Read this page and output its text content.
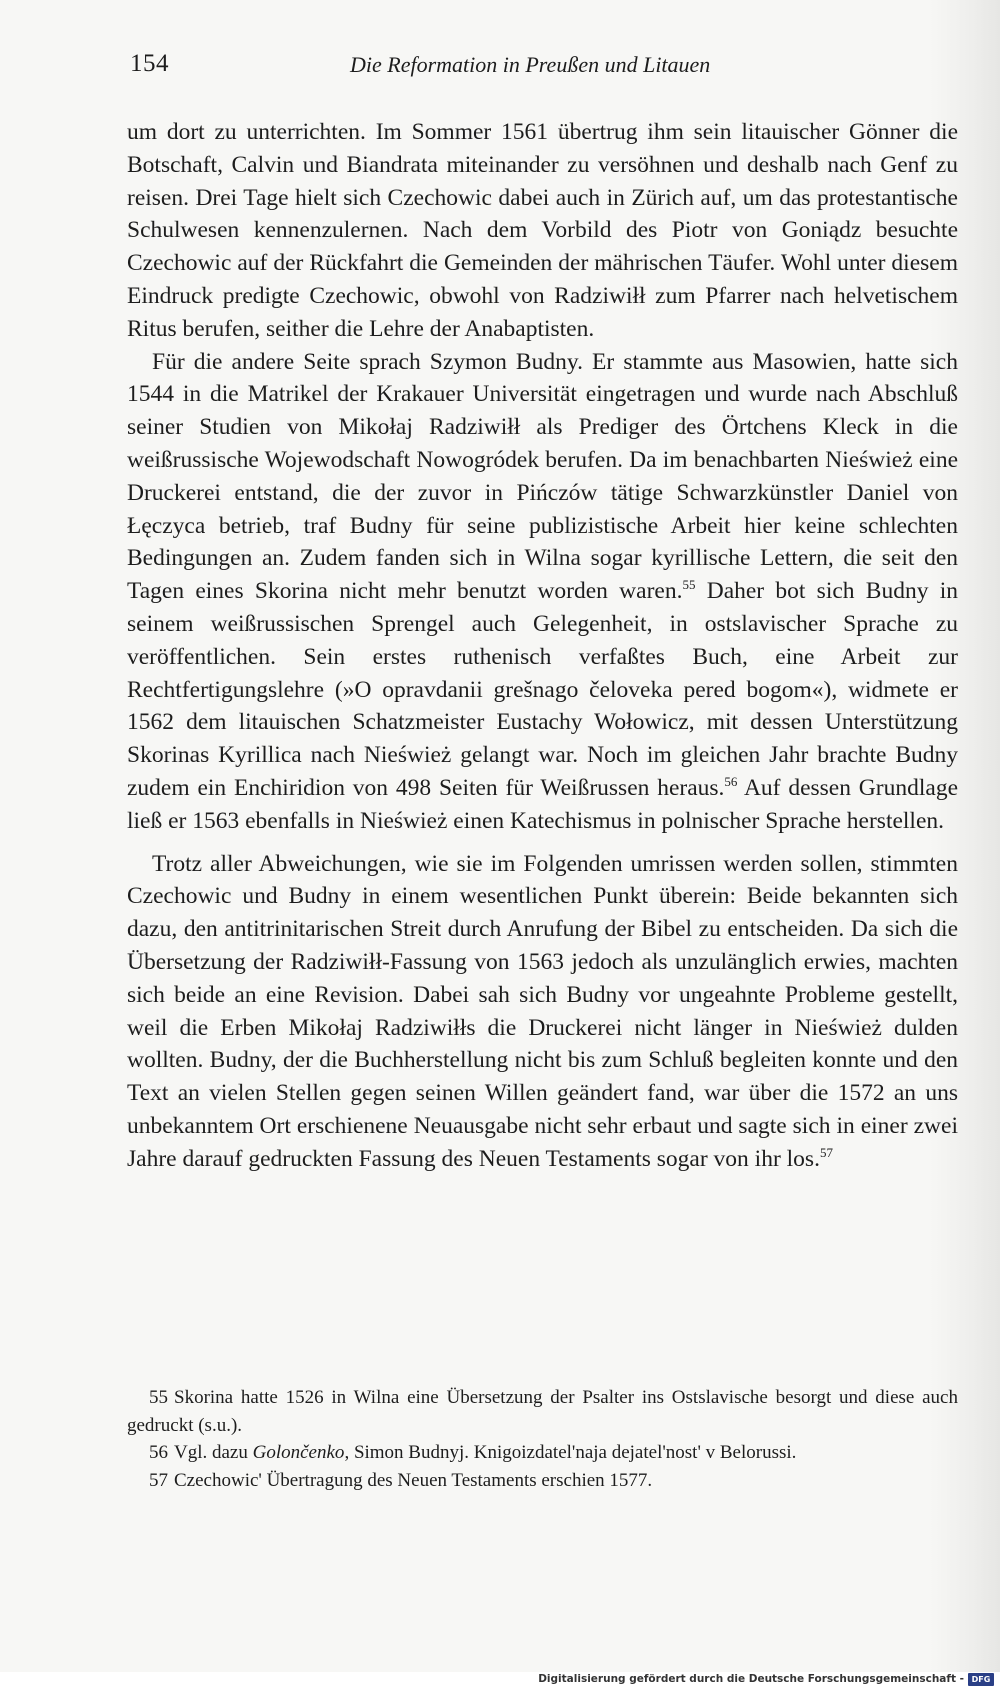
154	Die Reformation in Preußen und Litauen

um dort zu unterrichten. Im Sommer 1561 übertrug ihm sein litauischer Gönner die Botschaft, Calvin und Biandrata miteinander zu versöhnen und deshalb nach Genf zu reisen. Drei Tage hielt sich Czechowic dabei auch in Zürich auf, um das protestantische Schulwesen kennenzulernen. Nach dem Vorbild des Piotr von Goniądz besuchte Czechowic auf der Rückfahrt die Gemeinden der mährischen Täufer. Wohl unter diesem Eindruck predigte Czechowic, obwohl von Radziwiłł zum Pfarrer nach helvetischem Ritus berufen, seither die Lehre der Anabaptisten.

Für die andere Seite sprach Szymon Budny. Er stammte aus Masowien, hatte sich 1544 in die Matrikel der Krakauer Universität eingetragen und wurde nach Abschluß seiner Studien von Mikołaj Radziwiłł als Prediger des Örtchens Kleck in die weißrussische Wojewodschaft Nowogródek berufen. Da im benachbarten Nieśwież eine Druckerei entstand, die der zuvor in Pińczów tätige Schwarzkünstler Daniel von Łęczyca betrieb, traf Budny für seine publizistische Arbeit hier keine schlechten Bedingungen an. Zudem fanden sich in Wilna sogar kyrillische Lettern, die seit den Tagen eines Skorina nicht mehr benutzt worden waren.$^{55}$ Daher bot sich Budny in seinem weißrussischen Sprengel auch Gelegenheit, in ostslavischer Sprache zu veröffentlichen. Sein erstes ruthenisch verfaßtes Buch, eine Arbeit zur Rechtfertigungslehre (»O opravdanii grešnago čeloveka pered bogom«), widmete er 1562 dem litauischen Schatzmeister Eustachy Wołowicz, mit dessen Unterstützung Skorinas Kyrillica nach Nieśwież gelangt war. Noch im gleichen Jahr brachte Budny zudem ein Enchiridion von 498 Seiten für Weißrussen heraus.$^{56}$ Auf dessen Grundlage ließ er 1563 ebenfalls in Nieśwież einen Katechismus in polnischer Sprache herstellen.

Trotz aller Abweichungen, wie sie im Folgenden umrissen werden sollen, stimmten Czechowic und Budny in einem wesentlichen Punkt überein: Beide bekannten sich dazu, den antitrinitarischen Streit durch Anrufung der Bibel zu entscheiden. Da sich die Übersetzung der Radziwiłł-Fassung von 1563 jedoch als unzulänglich erwies, machten sich beide an eine Revision. Dabei sah sich Budny vor ungeahnte Probleme gestellt, weil die Erben Mikołaj Radziwiłłs die Druckerei nicht länger in Nieśwież dulden wollten. Budny, der die Buchherstellung nicht bis zum Schluß begleiten konnte und den Text an vielen Stellen gegen seinen Willen geändert fand, war über die 1572 an uns unbekanntem Ort erschienene Neuausgabe nicht sehr erbaut und sagte sich in einer zwei Jahre darauf gedruckten Fassung des Neuen Testaments sogar von ihr los.$^{57}$

55 Skorina hatte 1526 in Wilna eine Übersetzung der Psalter ins Ostslavische besorgt und diese auch gedruckt (s.u.).

56 Vgl. dazu Golončenko, Simon Budnyj. Knigoizdatel'naja dejatel'nost' v Belorussi.

57 Czechowic' Übertragung des Neuen Testaments erschien 1577.

Digitalisierung gefördert durch die Deutsche Forschungsgemeinschaft - DFG
